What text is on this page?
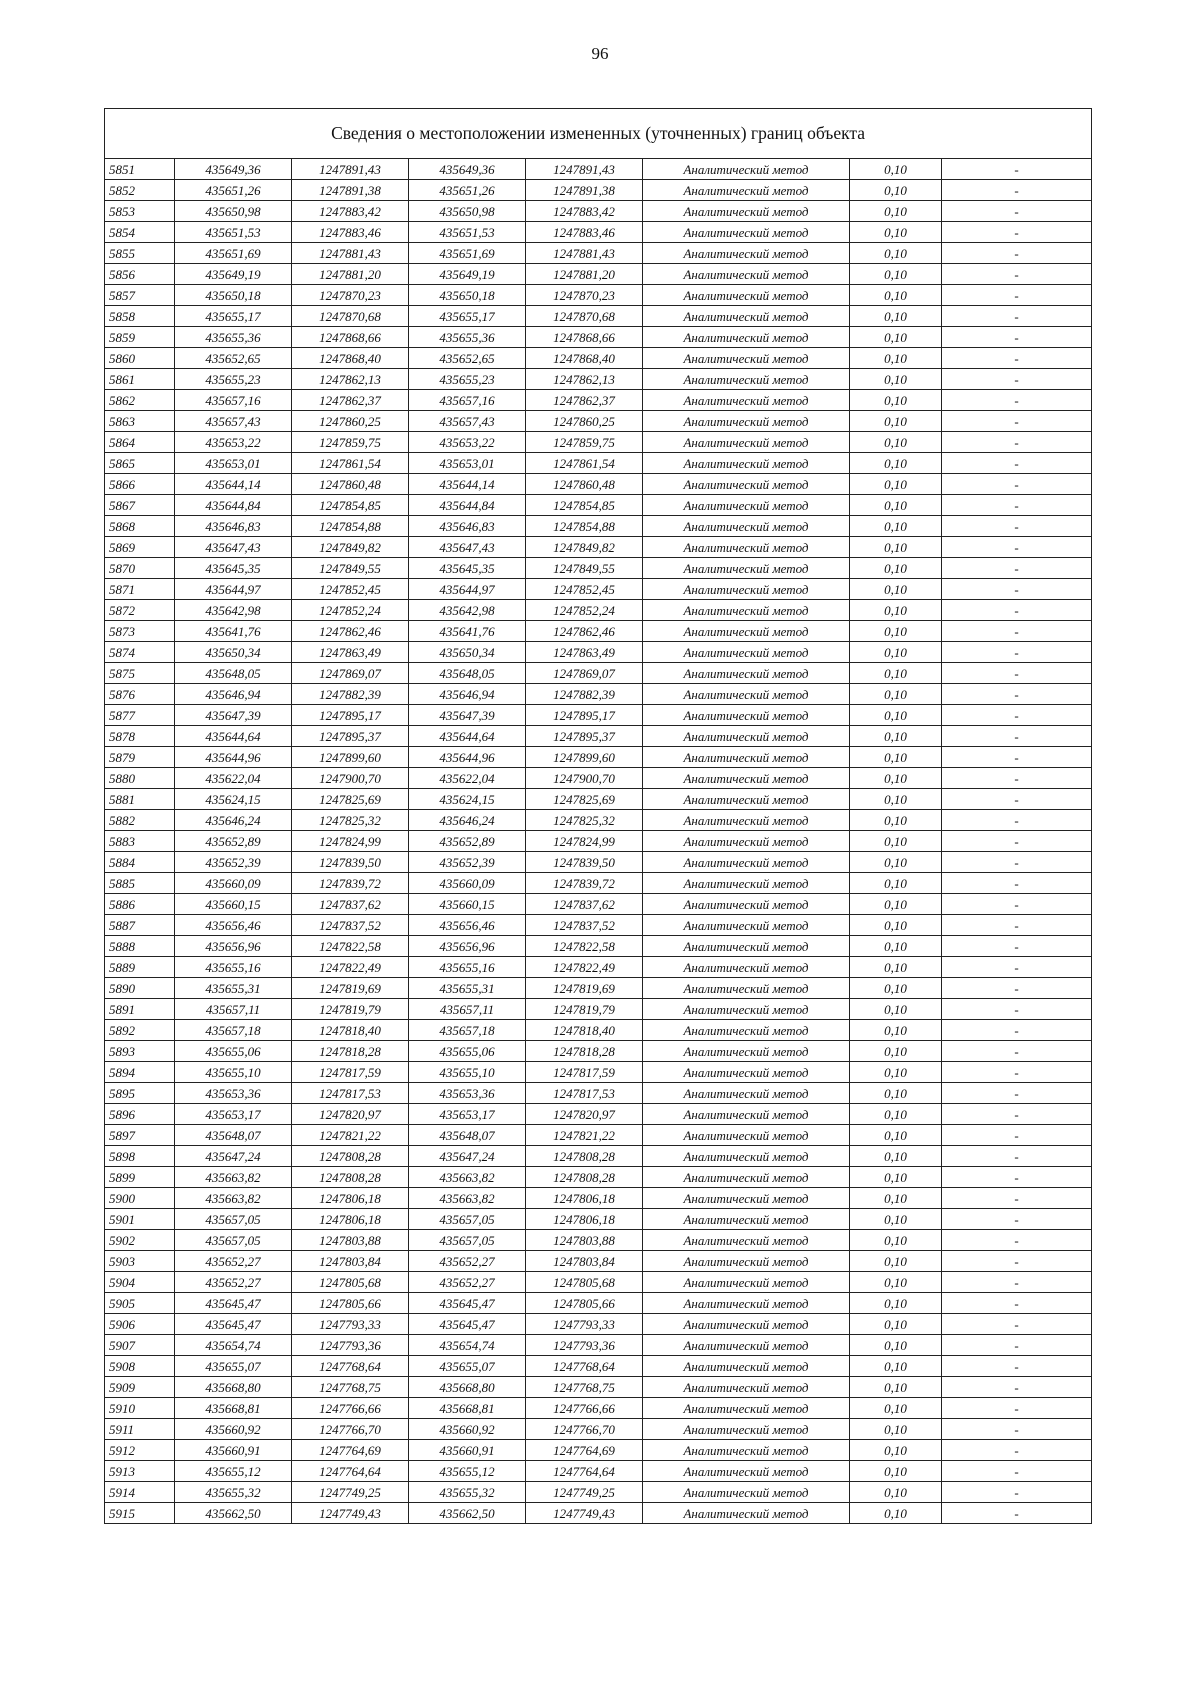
96
Сведения о местоположении измененных (уточненных) границ объекта							
5851	435649,36	1247891,43	435649,36	1247891,43	Аналитический метод	0,10	-
5852	435651,26	1247891,38	435651,26	1247891,38	Аналитический метод	0,10	-
5853	435650,98	1247883,42	435650,98	1247883,42	Аналитический метод	0,10	-
5854	435651,53	1247883,46	435651,53	1247883,46	Аналитический метод	0,10	-
5855	435651,69	1247881,43	435651,69	1247881,43	Аналитический метод	0,10	-
5856	435649,19	1247881,20	435649,19	1247881,20	Аналитический метод	0,10	-
5857	435650,18	1247870,23	435650,18	1247870,23	Аналитический метод	0,10	-
5858	435655,17	1247870,68	435655,17	1247870,68	Аналитический метод	0,10	-
5859	435655,36	1247868,66	435655,36	1247868,66	Аналитический метод	0,10	-
5860	435652,65	1247868,40	435652,65	1247868,40	Аналитический метод	0,10	-
5861	435655,23	1247862,13	435655,23	1247862,13	Аналитический метод	0,10	-
5862	435657,16	1247862,37	435657,16	1247862,37	Аналитический метод	0,10	-
5863	435657,43	1247860,25	435657,43	1247860,25	Аналитический метод	0,10	-
5864	435653,22	1247859,75	435653,22	1247859,75	Аналитический метод	0,10	-
5865	435653,01	1247861,54	435653,01	1247861,54	Аналитический метод	0,10	-
5866	435644,14	1247860,48	435644,14	1247860,48	Аналитический метод	0,10	-
5867	435644,84	1247854,85	435644,84	1247854,85	Аналитический метод	0,10	-
5868	435646,83	1247854,88	435646,83	1247854,88	Аналитический метод	0,10	-
5869	435647,43	1247849,82	435647,43	1247849,82	Аналитический метод	0,10	-
5870	435645,35	1247849,55	435645,35	1247849,55	Аналитический метод	0,10	-
5871	435644,97	1247852,45	435644,97	1247852,45	Аналитический метод	0,10	-
5872	435642,98	1247852,24	435642,98	1247852,24	Аналитический метод	0,10	-
5873	435641,76	1247862,46	435641,76	1247862,46	Аналитический метод	0,10	-
5874	435650,34	1247863,49	435650,34	1247863,49	Аналитический метод	0,10	-
5875	435648,05	1247869,07	435648,05	1247869,07	Аналитический метод	0,10	-
5876	435646,94	1247882,39	435646,94	1247882,39	Аналитический метод	0,10	-
5877	435647,39	1247895,17	435647,39	1247895,17	Аналитический метод	0,10	-
5878	435644,64	1247895,37	435644,64	1247895,37	Аналитический метод	0,10	-
5879	435644,96	1247899,60	435644,96	1247899,60	Аналитический метод	0,10	-
5880	435622,04	1247900,70	435622,04	1247900,70	Аналитический метод	0,10	-
5881	435624,15	1247825,69	435624,15	1247825,69	Аналитический метод	0,10	-
5882	435646,24	1247825,32	435646,24	1247825,32	Аналитический метод	0,10	-
5883	435652,89	1247824,99	435652,89	1247824,99	Аналитический метод	0,10	-
5884	435652,39	1247839,50	435652,39	1247839,50	Аналитический метод	0,10	-
5885	435660,09	1247839,72	435660,09	1247839,72	Аналитический метод	0,10	-
5886	435660,15	1247837,62	435660,15	1247837,62	Аналитический метод	0,10	-
5887	435656,46	1247837,52	435656,46	1247837,52	Аналитический метод	0,10	-
5888	435656,96	1247822,58	435656,96	1247822,58	Аналитический метод	0,10	-
5889	435655,16	1247822,49	435655,16	1247822,49	Аналитический метод	0,10	-
5890	435655,31	1247819,69	435655,31	1247819,69	Аналитический метод	0,10	-
5891	435657,11	1247819,79	435657,11	1247819,79	Аналитический метод	0,10	-
5892	435657,18	1247818,40	435657,18	1247818,40	Аналитический метод	0,10	-
5893	435655,06	1247818,28	435655,06	1247818,28	Аналитический метод	0,10	-
5894	435655,10	1247817,59	435655,10	1247817,59	Аналитический метод	0,10	-
5895	435653,36	1247817,53	435653,36	1247817,53	Аналитический метод	0,10	-
5896	435653,17	1247820,97	435653,17	1247820,97	Аналитический метод	0,10	-
5897	435648,07	1247821,22	435648,07	1247821,22	Аналитический метод	0,10	-
5898	435647,24	1247808,28	435647,24	1247808,28	Аналитический метод	0,10	-
5899	435663,82	1247808,28	435663,82	1247808,28	Аналитический метод	0,10	-
5900	435663,82	1247806,18	435663,82	1247806,18	Аналитический метод	0,10	-
5901	435657,05	1247806,18	435657,05	1247806,18	Аналитический метод	0,10	-
5902	435657,05	1247803,88	435657,05	1247803,88	Аналитический метод	0,10	-
5903	435652,27	1247803,84	435652,27	1247803,84	Аналитический метод	0,10	-
5904	435652,27	1247805,68	435652,27	1247805,68	Аналитический метод	0,10	-
5905	435645,47	1247805,66	435645,47	1247805,66	Аналитический метод	0,10	-
5906	435645,47	1247793,33	435645,47	1247793,33	Аналитический метод	0,10	-
5907	435654,74	1247793,36	435654,74	1247793,36	Аналитический метод	0,10	-
5908	435655,07	1247768,64	435655,07	1247768,64	Аналитический метод	0,10	-
5909	435668,80	1247768,75	435668,80	1247768,75	Аналитический метод	0,10	-
5910	435668,81	1247766,66	435668,81	1247766,66	Аналитический метод	0,10	-
5911	435660,92	1247766,70	435660,92	1247766,70	Аналитический метод	0,10	-
5912	435660,91	1247764,69	435660,91	1247764,69	Аналитический метод	0,10	-
5913	435655,12	1247764,64	435655,12	1247764,64	Аналитический метод	0,10	-
5914	435655,32	1247749,25	435655,32	1247749,25	Аналитический метод	0,10	-
5915	435662,50	1247749,43	435662,50	1247749,43	Аналитический метод	0,10	-
